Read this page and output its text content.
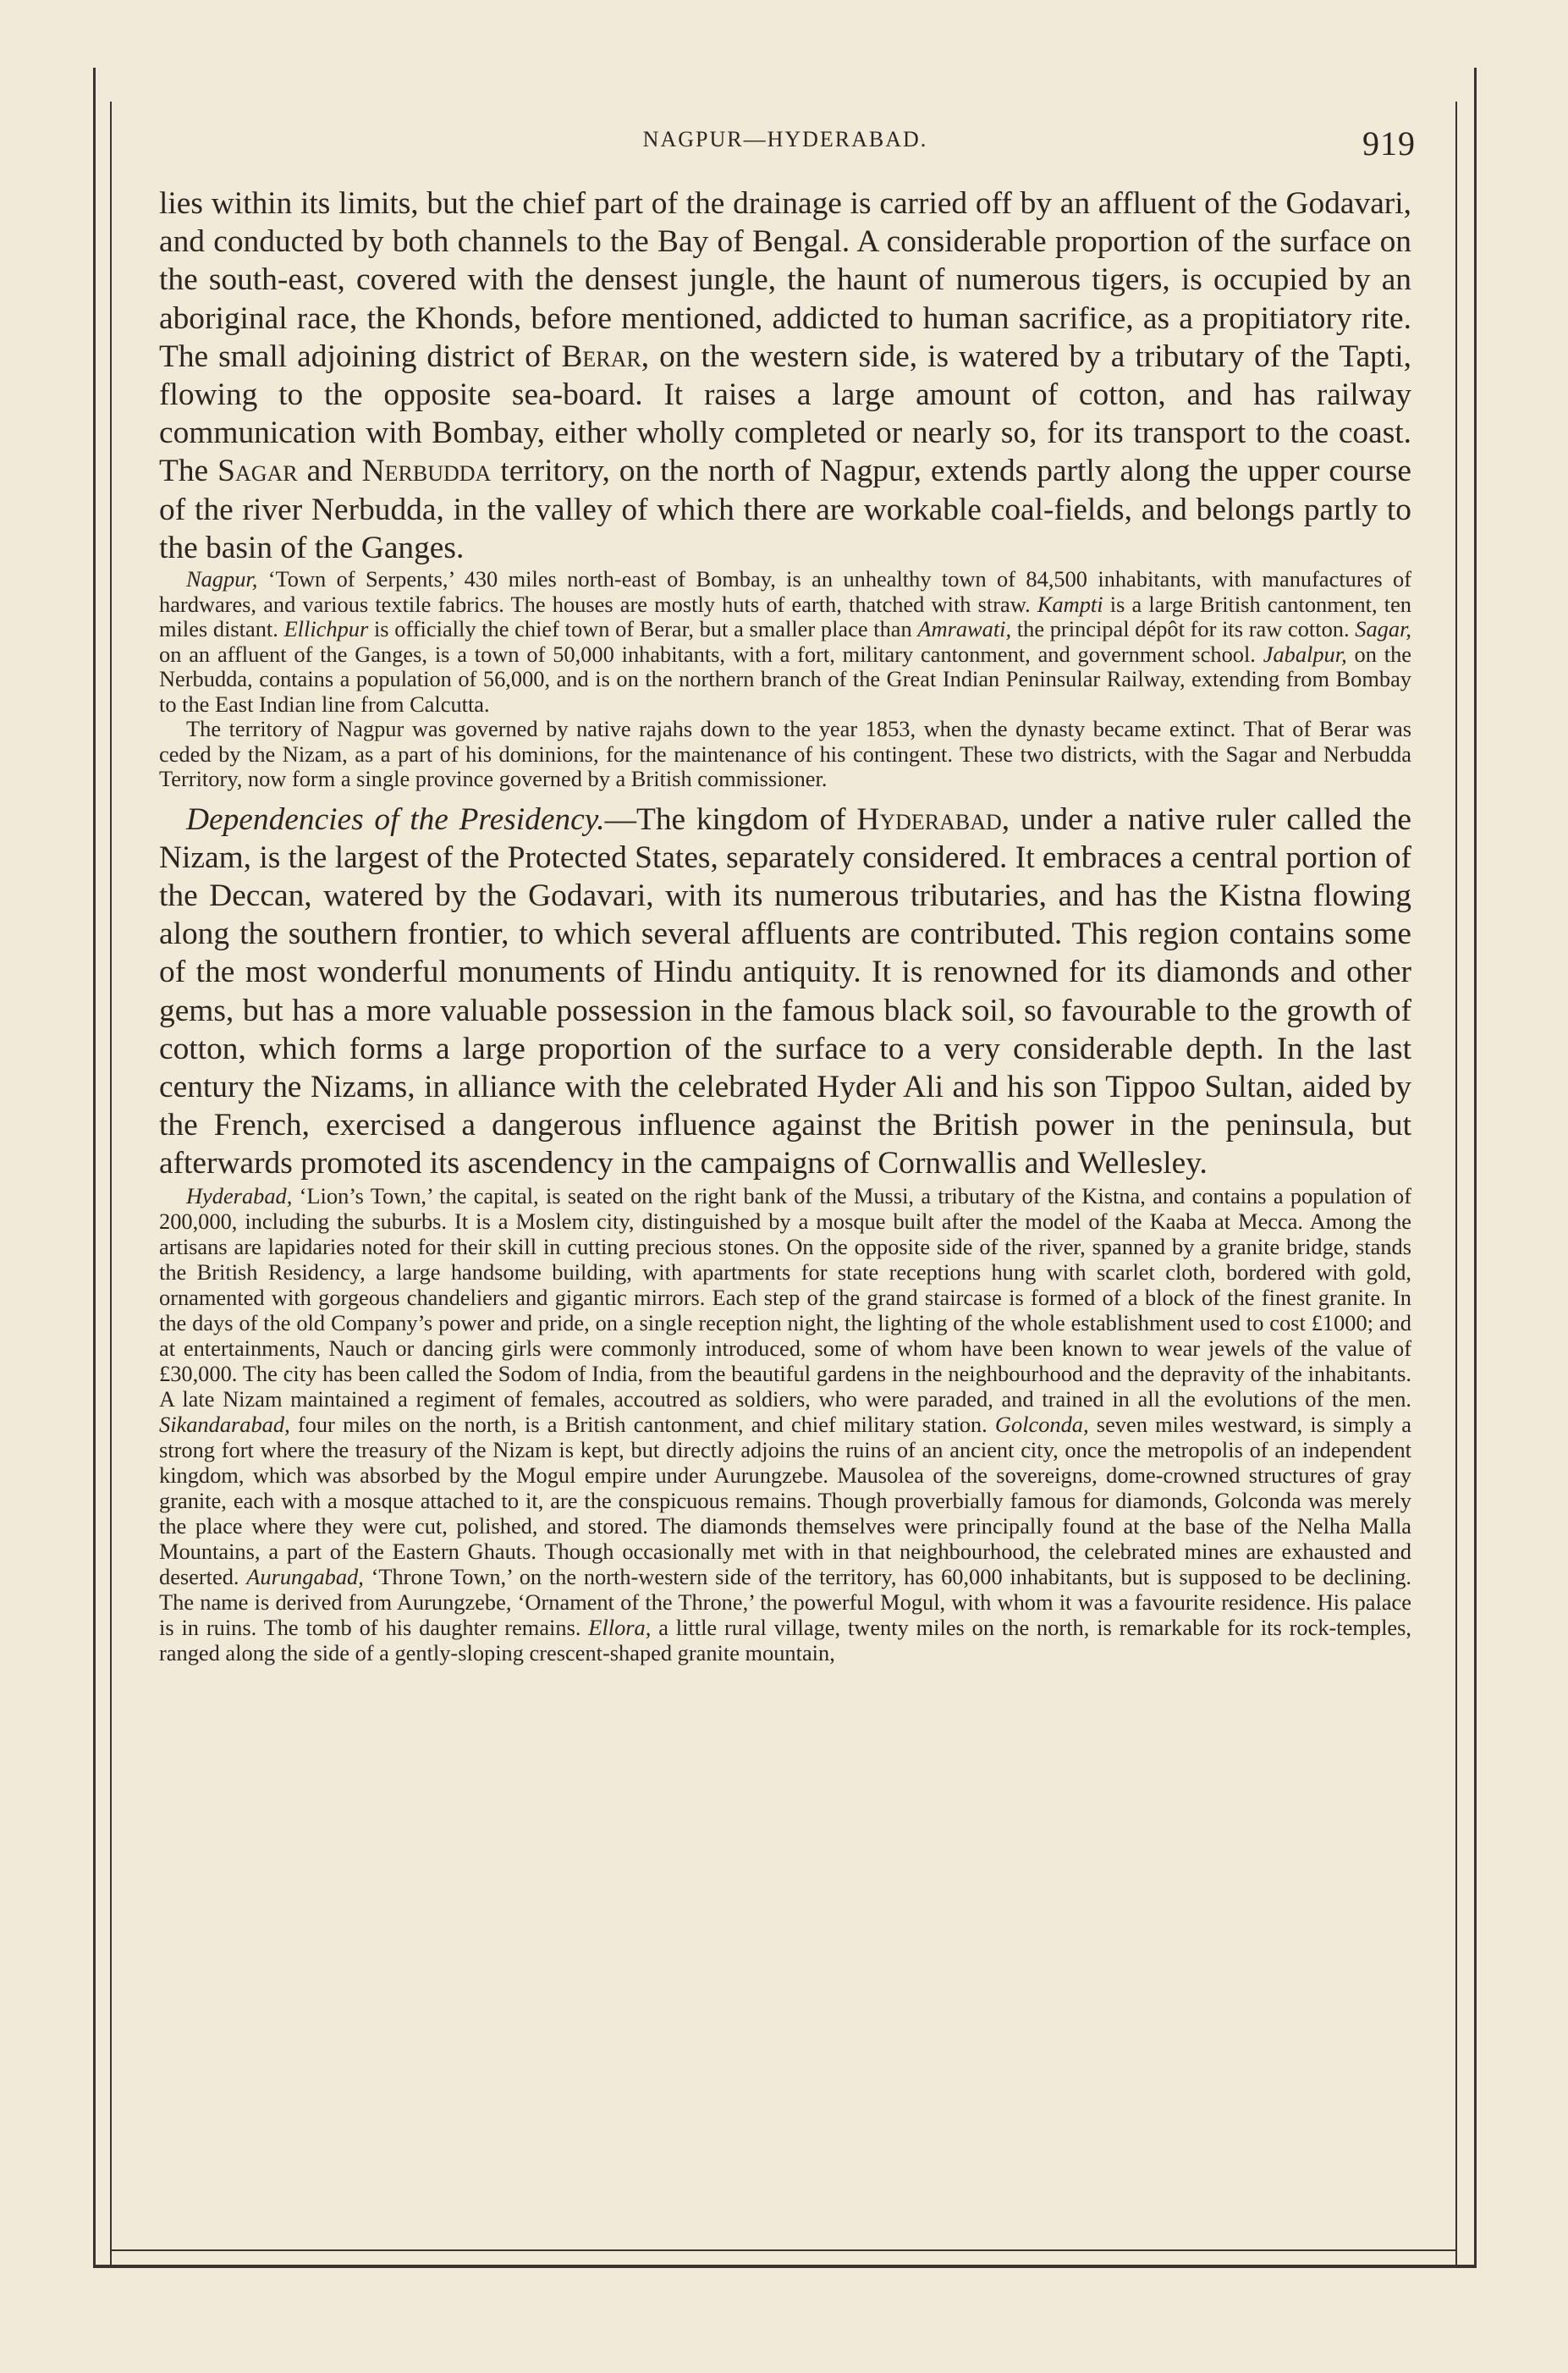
NAGPUR—HYDERABAD.	919

lies within its limits, but the chief part of the drainage is carried off by an affluent of the Godavari, and conducted by both channels to the Bay of Bengal. A considerable proportion of the surface on the south-east, covered with the densest jungle, the haunt of numerous tigers, is occupied by an aboriginal race, the Khonds, before mentioned, addicted to human sacrifice, as a propitiatory rite. The small adjoining district of Berar, on the western side, is watered by a tributary of the Tapti, flowing to the opposite sea-board. It raises a large amount of cotton, and has railway communication with Bombay, either wholly completed or nearly so, for its transport to the coast. The Sagar and Nerbudda territory, on the north of Nagpur, extends partly along the upper course of the river Nerbudda, in the valley of which there are workable coal-fields, and belongs partly to the basin of the Ganges.

Nagpur, ‘Town of Serpents,’ 430 miles north-east of Bombay, is an unhealthy town of 84,500 inhabitants, with manufactures of hardwares, and various textile fabrics. The houses are mostly huts of earth, thatched with straw. Kampti is a large British cantonment, ten miles distant. Ellichpur is officially the chief town of Berar, but a smaller place than Amrawati, the principal dépôt for its raw cotton. Sagar, on an affluent of the Ganges, is a town of 50,000 inhabitants, with a fort, military cantonment, and government school. Jabalpur, on the Nerbudda, contains a population of 56,000, and is on the northern branch of the Great Indian Peninsular Railway, extending from Bombay to the East Indian line from Calcutta.

The territory of Nagpur was governed by native rajahs down to the year 1853, when the dynasty became extinct. That of Berar was ceded by the Nizam, as a part of his dominions, for the maintenance of his contingent. These two districts, with the Sagar and Nerbudda Territory, now form a single province governed by a British commissioner.

Dependencies of the Presidency.—The kingdom of Hyderabad, under a native ruler called the Nizam, is the largest of the Protected States, separately considered. It embraces a central portion of the Deccan, watered by the Godavari, with its numerous tributaries, and has the Kistna flowing along the southern frontier, to which several affluents are contributed. This region contains some of the most wonderful monuments of Hindu antiquity. It is renowned for its diamonds and other gems, but has a more valuable possession in the famous black soil, so favourable to the growth of cotton, which forms a large proportion of the surface to a very considerable depth. In the last century the Nizams, in alliance with the celebrated Hyder Ali and his son Tippoo Sultan, aided by the French, exercised a dangerous influence against the British power in the peninsula, but afterwards promoted its ascendency in the campaigns of Cornwallis and Wellesley.

Hyderabad, ‘Lion’s Town,’ the capital, is seated on the right bank of the Mussi, a tributary of the Kistna, and contains a population of 200,000, including the suburbs. It is a Moslem city, distinguished by a mosque built after the model of the Kaaba at Mecca. Among the artisans are lapidaries noted for their skill in cutting precious stones. On the opposite side of the river, spanned by a granite bridge, stands the British Residency, a large handsome building, with apartments for state receptions hung with scarlet cloth, bordered with gold, ornamented with gorgeous chandeliers and gigantic mirrors. Each step of the grand staircase is formed of a block of the finest granite. In the days of the old Company’s power and pride, on a single reception night, the lighting of the whole establishment used to cost £1000; and at entertainments, Nauch or dancing girls were commonly introduced, some of whom have been known to wear jewels of the value of £30,000. The city has been called the Sodom of India, from the beautiful gardens in the neighbourhood and the depravity of the inhabitants. A late Nizam maintained a regiment of females, accoutred as soldiers, who were paraded, and trained in all the evolutions of the men. Sikandarabad, four miles on the north, is a British cantonment, and chief military station. Golconda, seven miles westward, is simply a strong fort where the treasury of the Nizam is kept, but directly adjoins the ruins of an ancient city, once the metropolis of an independent kingdom, which was absorbed by the Mogul empire under Aurungzebe. Mausolea of the sovereigns, dome-crowned structures of gray granite, each with a mosque attached to it, are the conspicuous remains. Though proverbially famous for diamonds, Golconda was merely the place where they were cut, polished, and stored. The diamonds themselves were principally found at the base of the Nelha Malla Mountains, a part of the Eastern Ghauts. Though occasionally met with in that neighbourhood, the celebrated mines are exhausted and deserted. Aurungabad, ‘Throne Town,’ on the north-western side of the territory, has 60,000 inhabitants, but is supposed to be declining. The name is derived from Aurungzebe, ‘Ornament of the Throne,’ the powerful Mogul, with whom it was a favourite residence. His palace is in ruins. The tomb of his daughter remains. Ellora, a little rural village, twenty miles on the north, is remarkable for its rock-temples, ranged along the side of a gently-sloping crescent-shaped granite mountain,
